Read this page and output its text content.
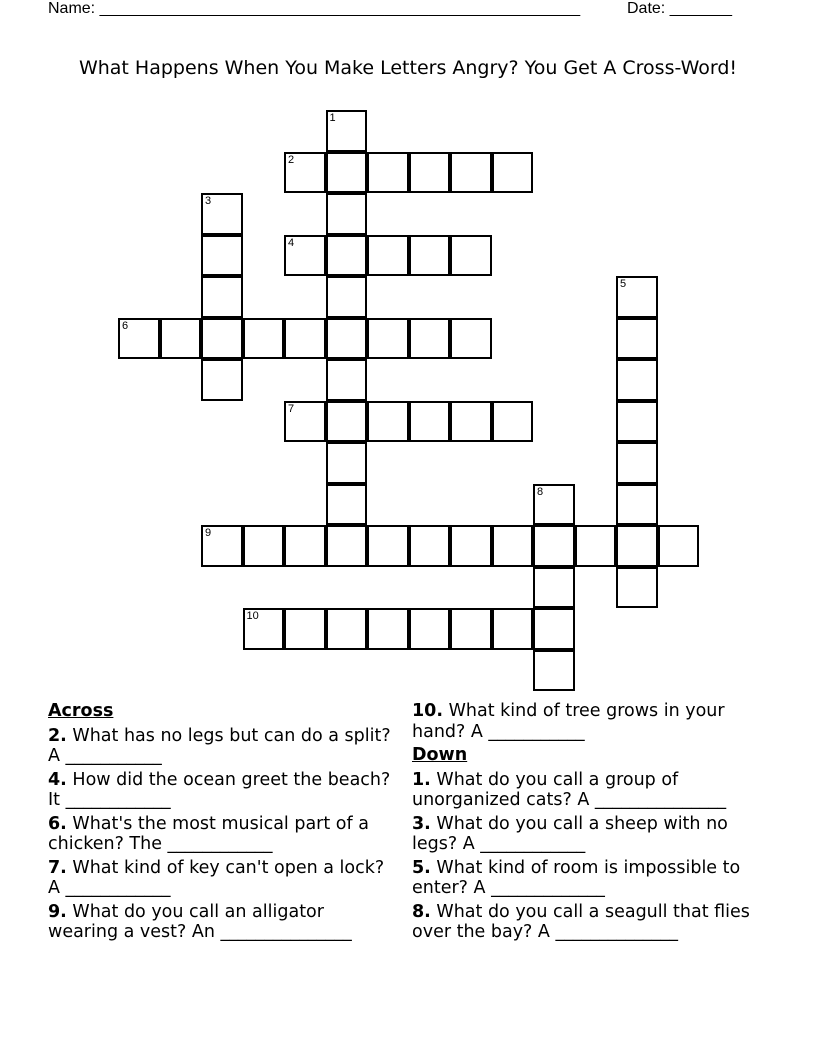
Name: ______________________________________________________	Date: _______
What Happens When You Make Letters Angry? You Get A Cross-Word!
1
2
3
4
5
6
7
8
9
10
Across
2. What has no legs but can do a split? A ___________
4. How did the ocean greet the beach? It ____________
6. What's the most musical part of a chicken? The ____________
7. What kind of key can't open a lock? A ____________
9. What do you call an alligator wearing a vest? An _______________
10. What kind of tree grows in your hand? A ___________
Down
1. What do you call a group of unorganized cats? A _______________
3. What do you call a sheep with no legs? A ____________
5. What kind of room is impossible to enter? A _____________
8. What do you call a seagull that flies over the bay? A ______________
